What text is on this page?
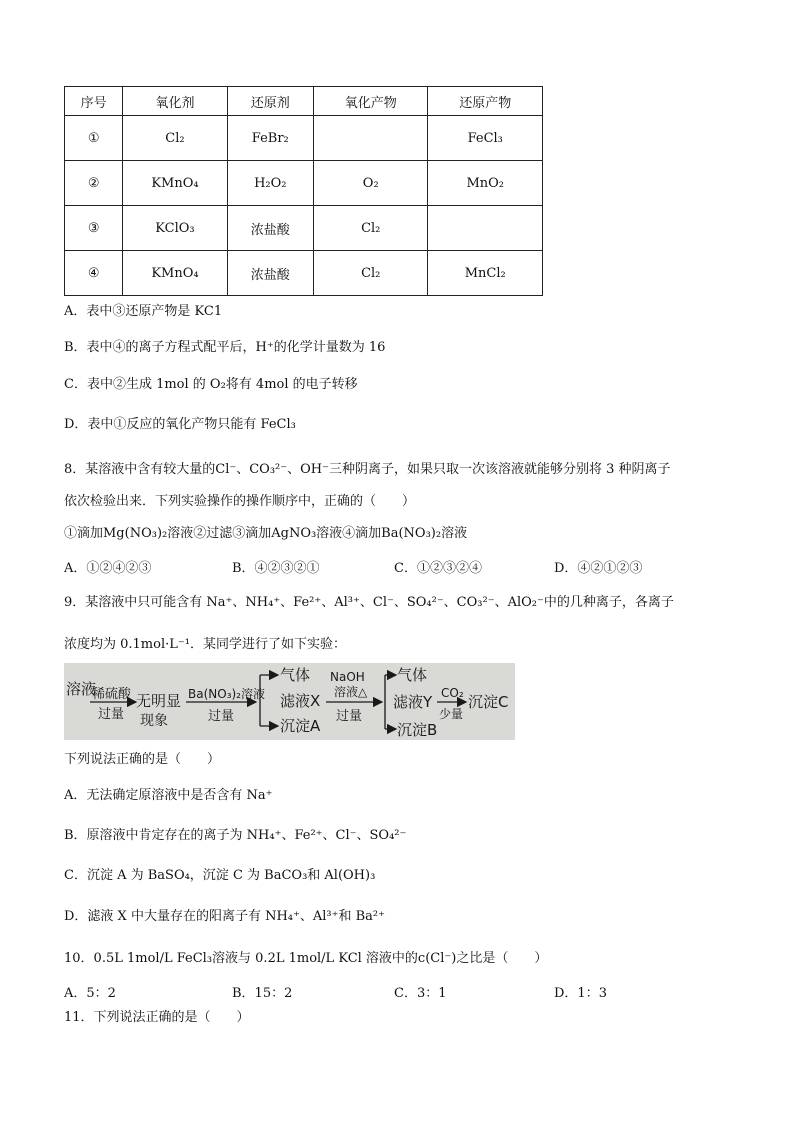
序号	氧化剂	还原剂	氧化产物	还原产物
①	Cl₂	FeBr₂		FeCl₃
②	KMnO₄	H₂O₂	O₂	MnO₂
③	KClO₃	浓盐酸	Cl₂	
④	KMnO₄	浓盐酸	Cl₂	MnCl₂
A．表中③还原产物是 KC1
B．表中④的离子方程式配平后，H⁺的化学计量数为 16
C．表中②生成 1mol 的 O₂将有 4mol 的电子转移
D．表中①反应的氧化产物只能有 FeCl₃
8．某溶液中含有较大量的Cl⁻、CO₃²⁻、OH⁻三种阴离子，如果只取一次该溶液就能够分别将 3 种阴离子
依次检验出来．下列实验操作的操作顺序中，正确的（　　）
①滴加Mg(NO₃)₂溶液②过滤③滴加AgNO₃溶液④滴加Ba(NO₃)₂溶液
A．①②④②③	B．④②③②①	C．①②③②④	D．④②①②③
9．某溶液中只可能含有 Na⁺、NH₄⁺、Fe²⁺、Al³⁺、Cl⁻、SO₄²⁻、CO₃²⁻、AlO₂⁻中的几种离子，各离子
浓度均为 0.1mol·L⁻¹．某同学进行了如下实验：
溶液
稀硫酸
过量
无明显
现象
Ba(NO₃)₂溶液
过量
气体
滤液X
沉淀A
NaOH
溶液△
过量
气体
滤液Y
沉淀B
CO₂
少量
沉淀C
下列说法正确的是（　　）
A．无法确定原溶液中是否含有 Na⁺
B．原溶液中肯定存在的离子为 NH₄⁺、Fe²⁺、Cl⁻、SO₄²⁻
C．沉淀 A 为 BaSO₄，沉淀 C 为 BaCO₃和 Al(OH)₃
D．滤液 X 中大量存在的阳离子有 NH₄⁺、Al³⁺和 Ba²⁺
10．0.5L 1mol/L FeCl₃溶液与 0.2L 1mol/L KCl 溶液中的c(Cl⁻)之比是（　　）
A．5：2	B．15：2	C．3：1	D．1：3
11．下列说法正确的是（　　）
